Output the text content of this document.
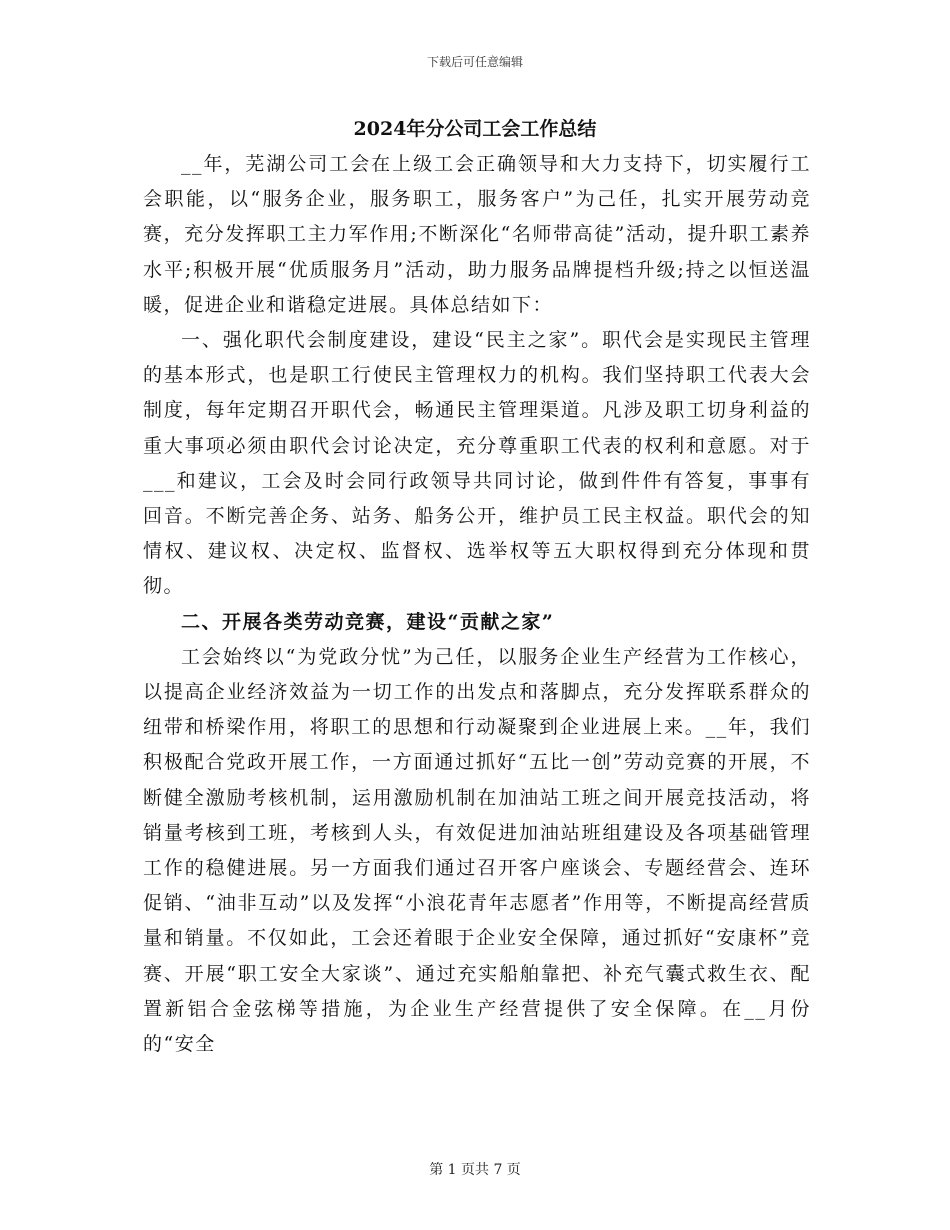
下载后可任意编辑
2024年分公司工会工作总结

__年，芜湖公司工会在上级工会正确领导和大力支持下，切实履行工会职能，以“服务企业，服务职工，服务客户”为己任，扎实开展劳动竞赛，充分发挥职工主力军作用;不断深化“名师带高徒”活动，提升职工素养水平;积极开展“优质服务月”活动，助力服务品牌提档升级;持之以恒送温暖，促进企业和谐稳定进展。具体总结如下：

一、强化职代会制度建设，建设“民主之家”。职代会是实现民主管理的基本形式，也是职工行使民主管理权力的机构。我们坚持职工代表大会制度，每年定期召开职代会，畅通民主管理渠道。凡涉及职工切身利益的重大事项必须由职代会讨论决定，充分尊重职工代表的权利和意愿。对于___和建议，工会及时会同行政领导共同讨论，做到件件有答复，事事有回音。不断完善企务、站务、船务公开，维护员工民主权益。职代会的知情权、建议权、决定权、监督权、选举权等五大职权得到充分体现和贯彻。

二、开展各类劳动竞赛，建设“贡献之家”

工会始终以“为党政分忧”为己任，以服务企业生产经营为工作核心，以提高企业经济效益为一切工作的出发点和落脚点，充分发挥联系群众的纽带和桥梁作用，将职工的思想和行动凝聚到企业进展上来。__年，我们积极配合党政开展工作，一方面通过抓好“五比一创”劳动竞赛的开展，不断健全激励考核机制，运用激励机制在加油站工班之间开展竞技活动，将销量考核到工班，考核到人头，有效促进加油站班组建设及各项基础管理工作的稳健进展。另一方面我们通过召开客户座谈会、专题经营会、连环促销、“油非互动”以及发挥“小浪花青年志愿者”作用等，不断提高经营质量和销量。不仅如此，工会还着眼于企业安全保障，通过抓好“安康杯”竞赛、开展“职工安全大家谈”、通过充实船舶靠把、补充气囊式救生衣、配置新铝合金弦梯等措施，为企业生产经营提供了安全保障。在__月份的“安全

第 1 页共 7 页
